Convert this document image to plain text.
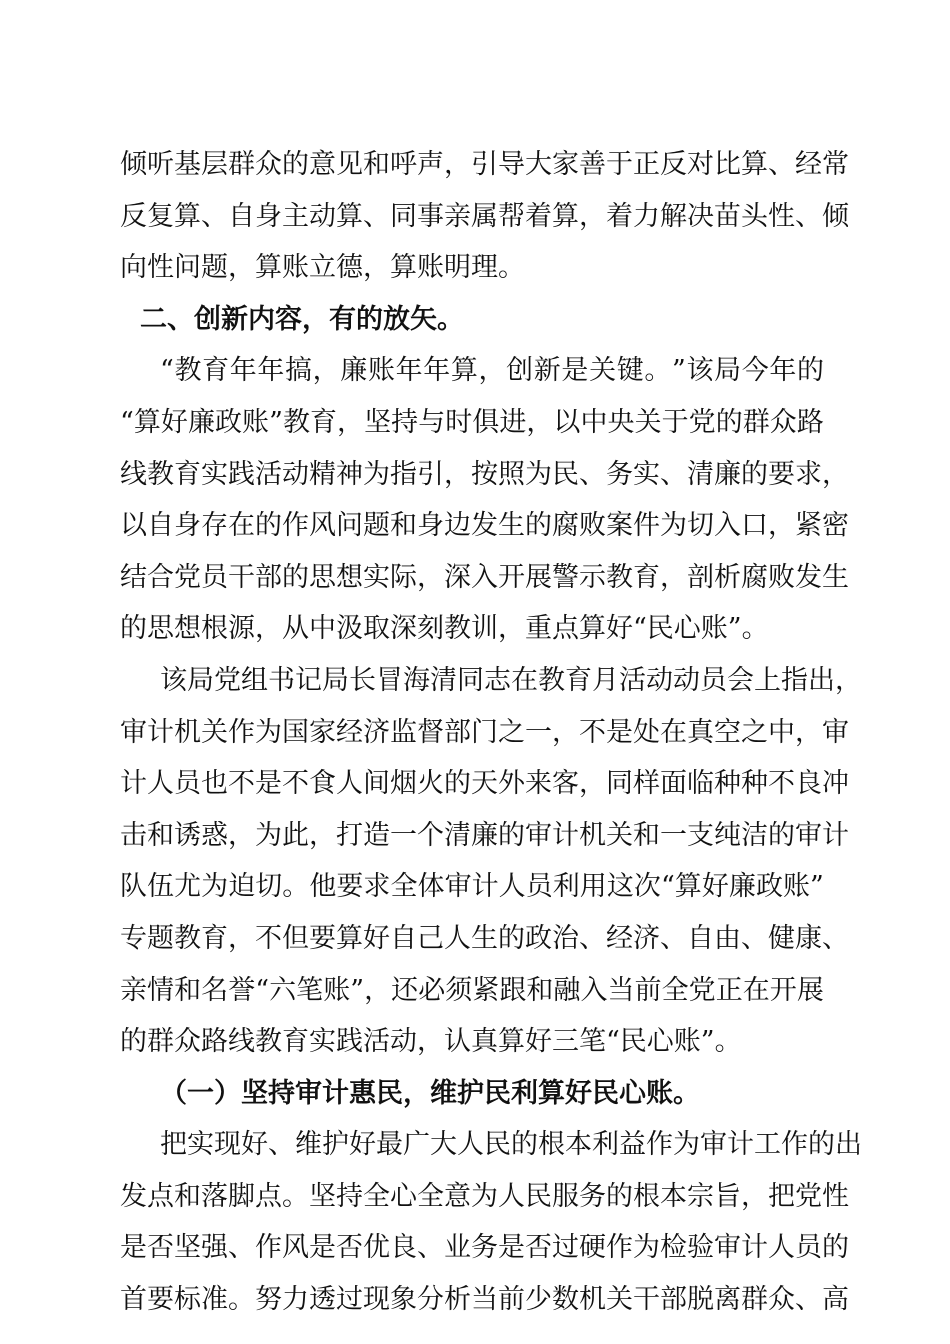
倾 听 基 层 群 众 的 意 见 和 呼 声 ， 引 导 大 家 善 于 正 反 对 比 算 、 经 常
反 复 算 、 自 身 主 动 算 、 同 事 亲 属 帮 着 算 ， 着 力 解 决 苗 头 性 、 倾
向性问题，算账立德，算账明理。
二、创新内容，有的放矢。
“ 教 育 年 年 搞 ， 廉 账 年 年 算 ， 创 新 是 关 键 。 ” 该 局 今 年 的
“ 算 好 廉 政 账 ” 教 育 ， 坚 持 与 时 俱 进 ， 以 中 央 关 于 党 的 群 众 路
线 教 育 实 践 活 动 精 神 为 指 引 ， 按 照 为 民 、 务 实 、 清 廉 的 要 求 ，
以 自 身 存 在 的 作 风 问 题 和 身 边 发 生 的 腐 败 案 件 为 切 入 口 ， 紧 密
结 合 党 员 干 部 的 思 想 实 际 ， 深 入 开 展 警 示 教 育 ， 剖 析 腐 败 发 生
的思想根源，从中汲取深刻教训，重点算好“民心账”。
该 局 党 组 书 记 局 长 冒 海 清 同 志 在 教 育 月 活 动 动 员 会 上 指 出 ，
审 计 机 关 作 为 国 家 经 济 监 督 部 门 之 一 ， 不 是 处 在 真 空 之 中 ， 审
计 人 员 也 不 是 不 食 人 间 烟 火 的 天 外 来 客 ， 同 样 面 临 种 种 不 良 冲
击 和 诱 惑 ， 为 此 ， 打 造 一 个 清 廉 的 审 计 机 关 和 一 支 纯 洁 的 审 计
队 伍 尤 为 迫 切 。 他 要 求 全 体 审 计 人 员 利 用 这 次 “ 算 好 廉 政 账 ”
专 题 教 育 ， 不 但 要 算 好 自 己 人 生 的 政 治 、 经 济 、 自 由 、 健 康 、
亲 情 和 名 誉 “ 六 笔 账 ” ， 还 必 须 紧 跟 和 融 入 当 前 全 党 正 在 开 展
的群众路线教育实践活动，认真算好三笔“民心账”。
（一）坚持审计惠民，维护民利算好民心账。
把 实 现 好 、 维 护 好 最 广 大 人 民 的 根 本 利 益 作 为 审 计 工 作 的 出
发 点 和 落 脚 点 。 坚 持 全 心 全 意 为 人 民 服 务 的 根 本 宗 旨 ， 把 党 性
是 否 坚 强 、 作 风 是 否 优 良 、 业 务 是 否 过 硬 作 为 检 验 审 计 人 员 的
首 要 标 准 。 努 力 透 过 现 象 分 析 当 前 少 数 机 关 干 部 脱 离 群 众 、 高
